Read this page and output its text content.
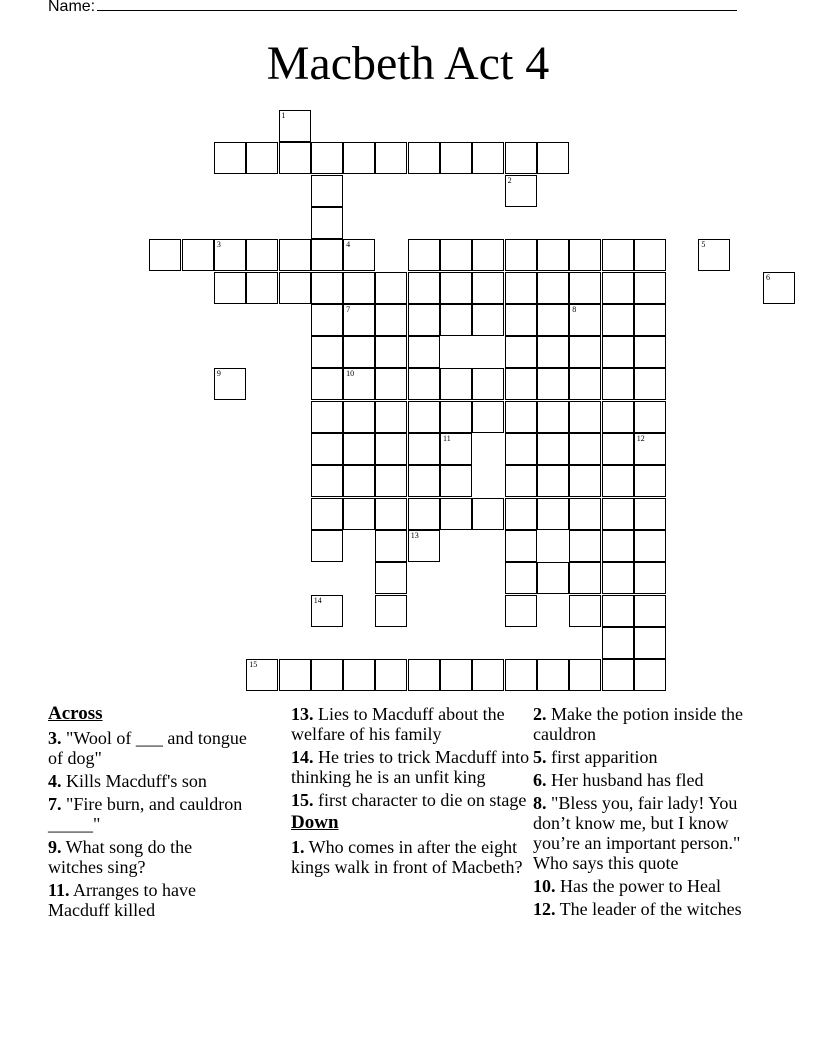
Name:
Macbeth Act 4
3	4
7	8
10
11	12
15
1
2
5
6
9
13
14
Across
3. "Wool of ___ and tongue of dog"
4. Kills Macduff's son
7. "Fire burn, and cauldron _____"
9. What song do the witches sing?
11. Arranges to have Macduff killed
13. Lies to Macduff about the welfare of his family
14. He tries to trick Macduff into thinking he is an unfit king
15. first character to die on stage
Down
1. Who comes in after the eight kings walk in front of Macbeth?
2. Make the potion inside the cauldron
5. first apparition
6. Her husband has fled
8. "Bless you, fair lady! You don’t know me, but I know you’re an important person." Who says this quote
10. Has the power to Heal
12. The leader of the witches
